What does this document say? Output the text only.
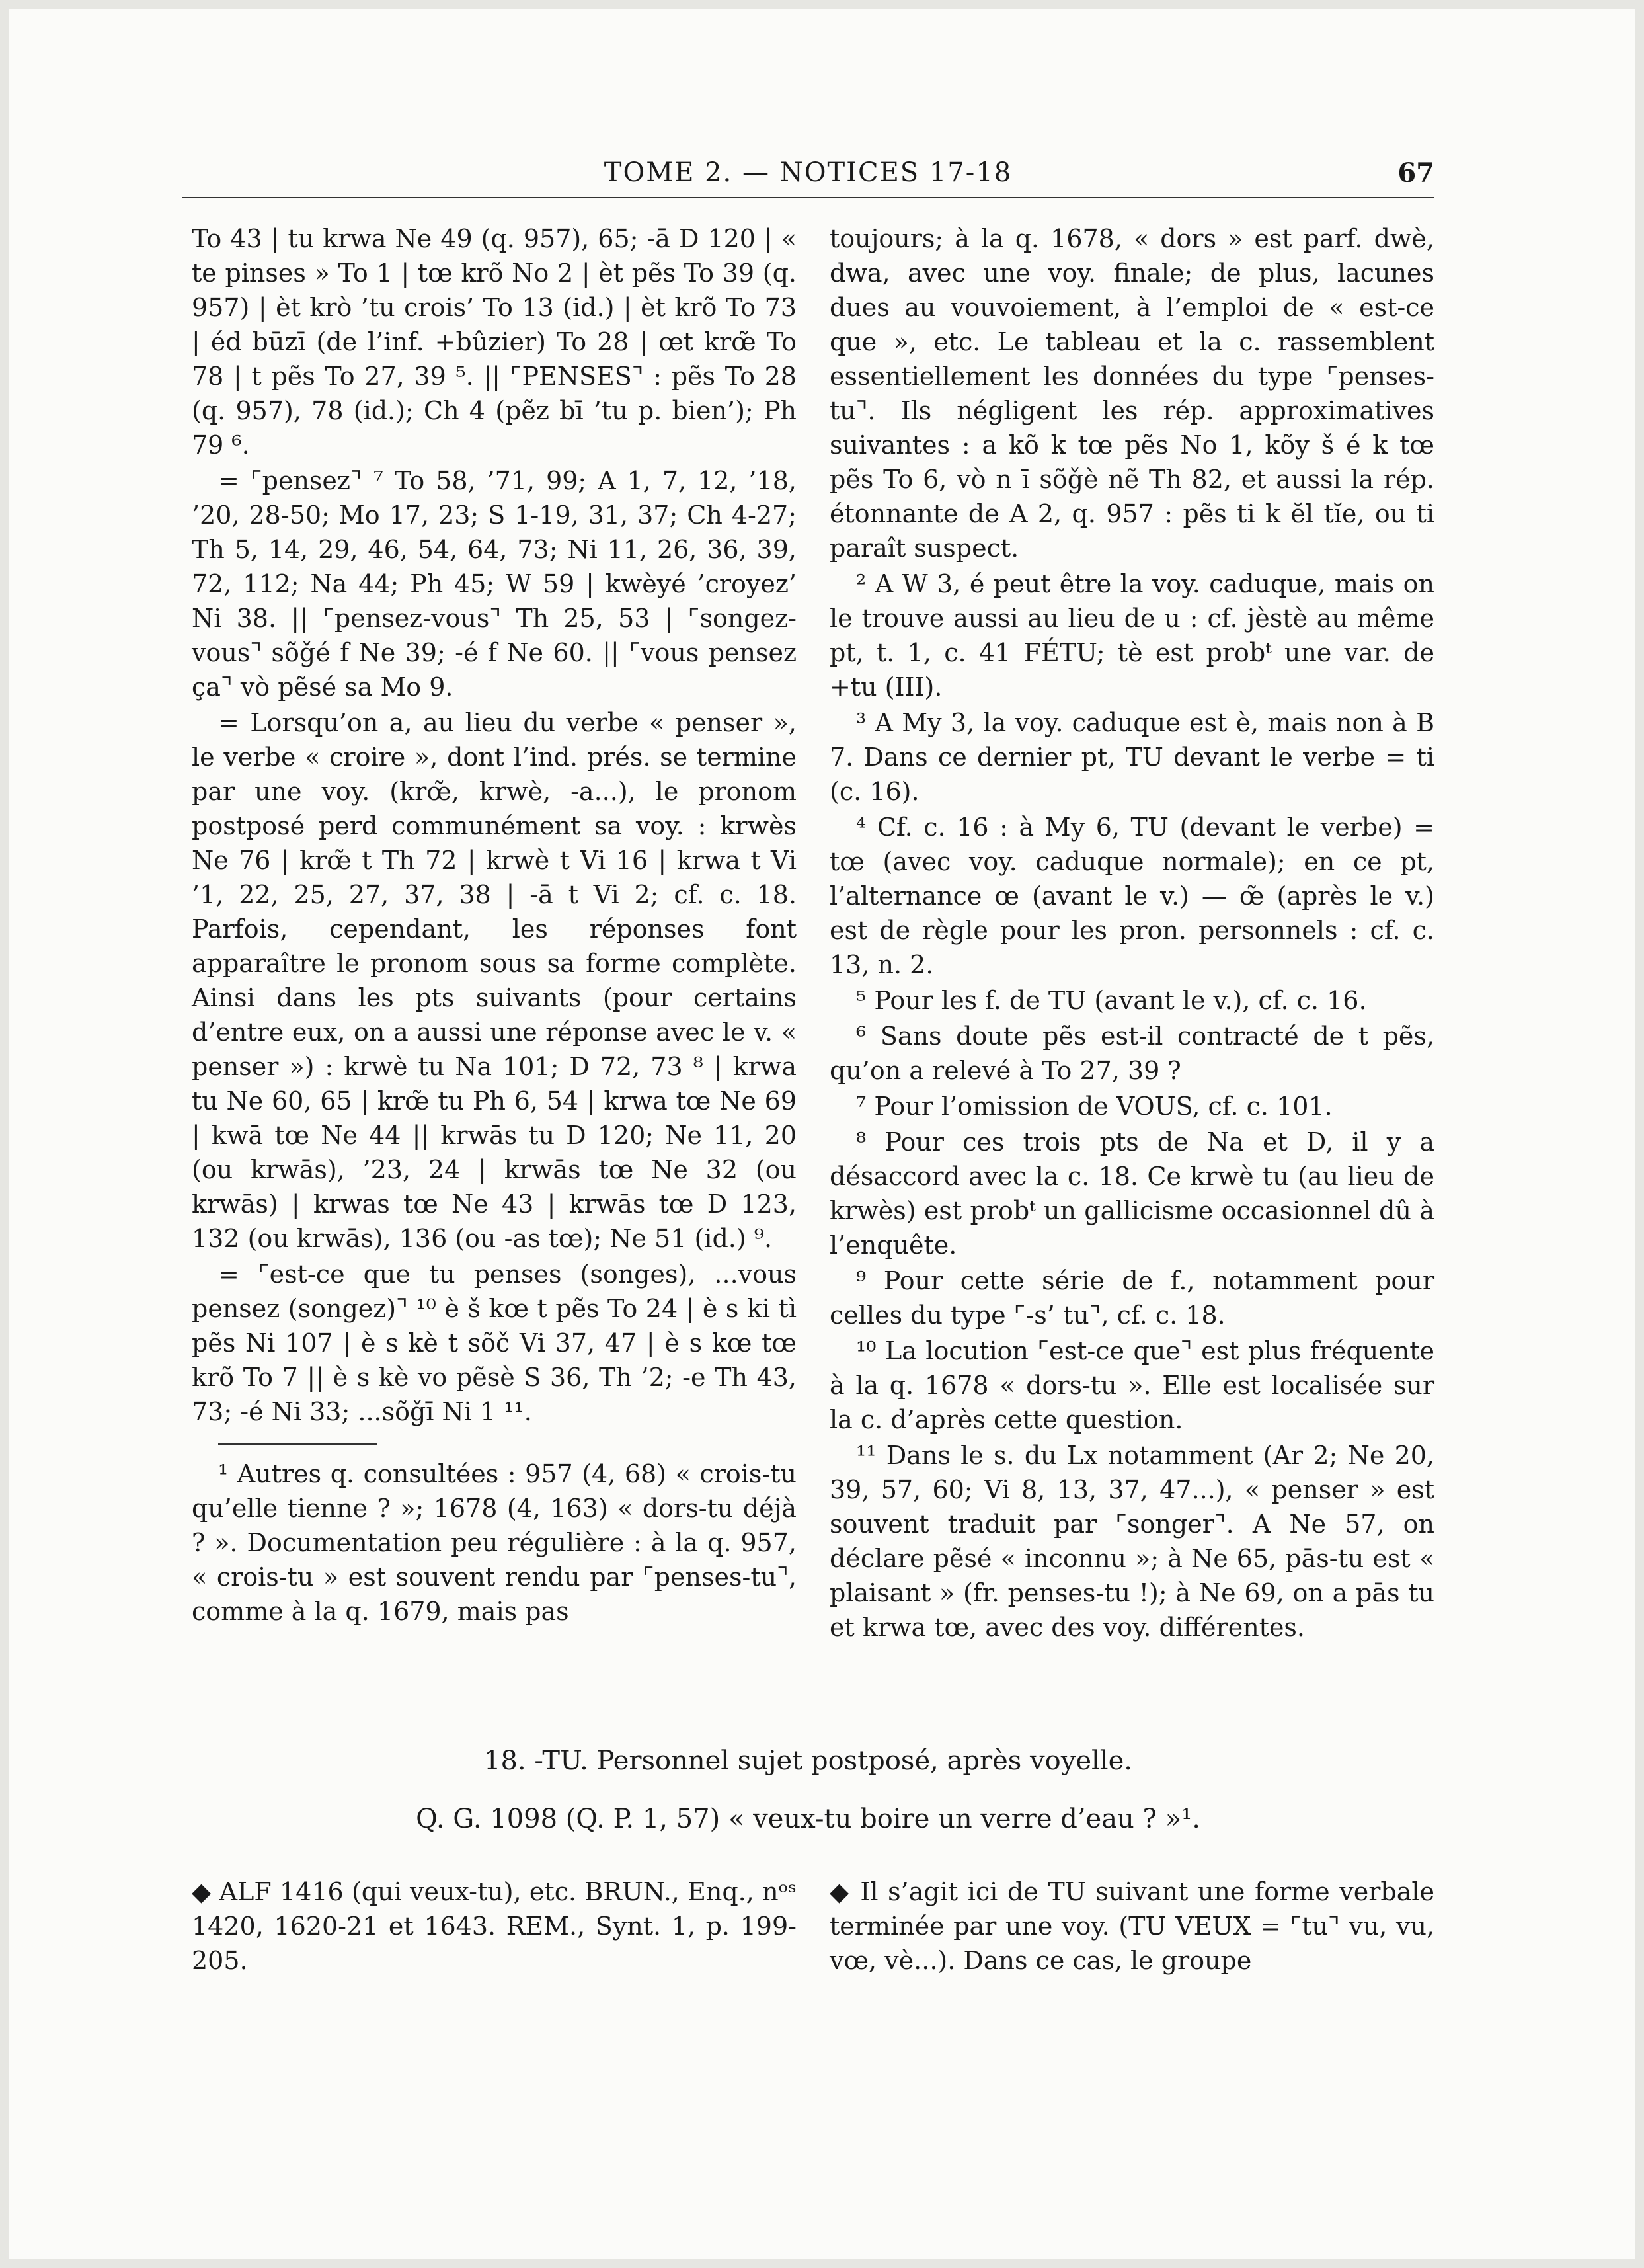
TOME 2. — NOTICES 17-18	67

To 43 | tu krwa Ne 49 (q. 957), 65; -ā D 120 | « te pinses » To 1 | tœ krõ No 2 | èt pẽs To 39 (q. 957) | èt krò ’tu crois’ To 13 (id.) | èt krõ To 73 | éd būzī (de l’inf. +bûzier) To 28 | œt krœ̃ To 78 | t pẽs To 27, 39 ⁵. || ⌜PENSES⌝ : pẽs To 28 (q. 957), 78 (id.); Ch 4 (pẽz bī ’tu p. bien’); Ph 79 ⁶.

= ⌜pensez⌝ ⁷ To 58, ’71, 99; A 1, 7, 12, ’18, ’20, 28-50; Mo 17, 23; S 1-19, 31, 37; Ch 4-27; Th 5, 14, 29, 46, 54, 64, 73; Ni 11, 26, 36, 39, 72, 112; Na 44; Ph 45; W 59 | kwèyé ’croyez’ Ni 38. || ⌜pensez-vous⌝ Th 25, 53 | ⌜songez-vous⌝ sõǧé f Ne 39; -é f Ne 60. || ⌜vous pensez ça⌝ vò pẽsé sa Mo 9.

= Lorsqu’on a, au lieu du verbe « penser », le verbe « croire », dont l’ind. prés. se termine par une voy. (krœ̃, krwè, -a...), le pronom postposé perd communément sa voy. : krwès Ne 76 | krœ̃ t Th 72 | krwè t Vi 16 | krwa t Vi ’1, 22, 25, 27, 37, 38 | -ā t Vi 2; cf. c. 18. Parfois, cependant, les réponses font apparaître le pronom sous sa forme complète. Ainsi dans les pts suivants (pour certains d’entre eux, on a aussi une réponse avec le v. « penser ») : krwè tu Na 101; D 72, 73 ⁸ | krwa tu Ne 60, 65 | krœ̃ tu Ph 6, 54 | krwa tœ Ne 69 | kwā tœ Ne 44 || krwās tu D 120; Ne 11, 20 (ou krwās), ’23, 24 | krwās tœ Ne 32 (ou krwās) | krwas tœ Ne 43 | krwās tœ D 123, 132 (ou krwās), 136 (ou -as tœ); Ne 51 (id.) ⁹.

= ⌜est-ce que tu penses (songes), ...vous pensez (songez)⌝ ¹⁰ è š kœ t pẽs To 24 | è s ki tì pẽs Ni 107 | è s kè t sõč Vi 37, 47 | è s kœ tœ krõ To 7 || è s kè vo pẽsè S 36, Th ’2; -e Th 43, 73; -é Ni 33; ...sõǧī Ni 1 ¹¹.

¹ Autres q. consultées : 957 (4, 68) « crois-tu qu’elle tienne ? »; 1678 (4, 163) « dors-tu déjà ? ». Documentation peu régulière : à la q. 957, « crois-tu » est souvent rendu par ⌜penses-tu⌝, comme à la q. 1679, mais pas

toujours; à la q. 1678, « dors » est parf. dwè, dwa, avec une voy. finale; de plus, lacunes dues au vouvoiement, à l’emploi de « est-ce que », etc. Le tableau et la c. rassemblent essentiellement les données du type ⌜penses-tu⌝. Ils négligent les rép. approximatives suivantes : a kõ k tœ pẽs No 1, kõy š é k tœ pẽs To 6, vò n ī sõǧè nẽ Th 82, et aussi la rép. étonnante de A 2, q. 957 : pẽs ti k ĕl tĭe, ou ti paraît suspect.

² A W 3, é peut être la voy. caduque, mais on le trouve aussi au lieu de u : cf. jèstè au même pt, t. 1, c. 41 FÉTU; tè est probᵗ une var. de +tu (III).

³ A My 3, la voy. caduque est è, mais non à B 7. Dans ce dernier pt, TU devant le verbe = ti (c. 16).

⁴ Cf. c. 16 : à My 6, TU (devant le verbe) = tœ (avec voy. caduque normale); en ce pt, l’alternance œ (avant le v.) — œ̃ (après le v.) est de règle pour les pron. personnels : cf. c. 13, n. 2.

⁵ Pour les f. de TU (avant le v.), cf. c. 16.

⁶ Sans doute pẽs est-il contracté de t pẽs, qu’on a relevé à To 27, 39 ?

⁷ Pour l’omission de VOUS, cf. c. 101.

⁸ Pour ces trois pts de Na et D, il y a désaccord avec la c. 18. Ce krwè tu (au lieu de krwès) est probᵗ un gallicisme occasionnel dû à l’enquête.

⁹ Pour cette série de f., notamment pour celles du type ⌜-s’ tu⌝, cf. c. 18.

¹⁰ La locution ⌜est-ce que⌝ est plus fréquente à la q. 1678 « dors-tu ». Elle est localisée sur la c. d’après cette question.

¹¹ Dans le s. du Lx notamment (Ar 2; Ne 20, 39, 57, 60; Vi 8, 13, 37, 47...), « penser » est souvent traduit par ⌜songer⌝. A Ne 57, on déclare pẽsé « inconnu »; à Ne 65, pās-tu est « plaisant » (fr. penses-tu !); à Ne 69, on a pās tu et krwa tœ, avec des voy. différentes.

18. -TU. Personnel sujet postposé, après voyelle.
Q. G. 1098 (Q. P. 1, 57) « veux-tu boire un verre d’eau ? »¹.
◆ ALF 1416 (qui veux-tu), etc. BRUN., Enq., nᵒˢ 1420, 1620-21 et 1643. REM., Synt. 1, p. 199-205.
◆ Il s’agit ici de TU suivant une forme verbale terminée par une voy. (TU VEUX = ⌜tu⌝ vu, vu, vœ, vè...). Dans ce cas, le groupe
